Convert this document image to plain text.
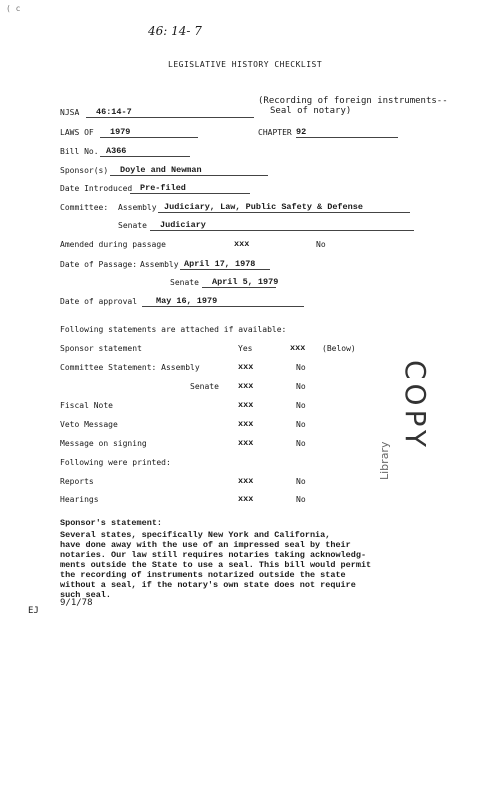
( c
46: 14- 7
LEGISLATIVE HISTORY CHECKLIST
(Recording of foreign instruments--
Seal of notary)
NJSA	46:14-7
LAWS OF	1979	CHAPTER 92
Bill No. A366
Sponsor(s)	Doyle and Newman
Date Introduced Pre-filed
Committee: Assembly Judiciary, Law, Public Safety & Defense
Senate	Judiciary
Amended during passage	xxx	No
Date of Passage: Assembly April 17, 1978
Senate	April 5, 1979
Date of approval	May 16, 1979
Following statements are attached if available:
Sponsor statement	Yes	xxx (Below)
Committee Statement: Assembly	xxx	No
Senate xxx	No
Fiscal Note	xxx	No
Veto Message	xxx	No
Message on signing	xxx	No
Following were printed:
Reports	xxx	No
Hearings	xxx	No
Sponsor's statement:
Several states, specifically New York and California,
have done away with the use of an impressed seal by their
notaries. Our law still requires notaries taking acknowledg-
ments outside the State to use a seal. This bill would permit
the recording of instruments notarized outside the state
without a seal, if the notary's own state does not require
such seal.
EJ
9/1/78
COPY
Library
